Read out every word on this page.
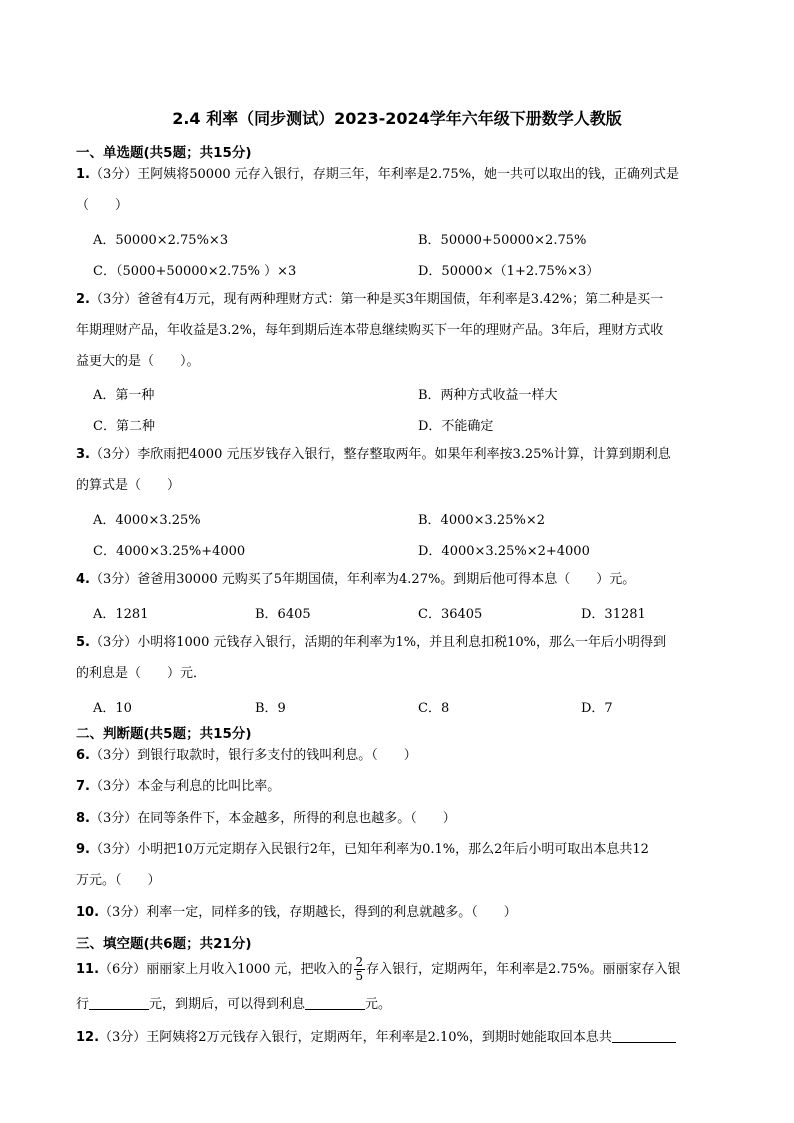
2.4 利率（同步测试）2023-2024学年六年级下册数学人教版
一、单选题(共5题；共15分)
1.（3分）王阿姨将50000 元存入银行，存期三年，年利率是2.75%，她一共可以取出的钱，正确列式是
（　　）
A．50000×2.75%×3	B．50000+50000×2.75%
C．（5000+50000×2.75% ）×3	D．50000×（1+2.75%×3）
2.（3分）爸爸有4万元，现有两种理财方式：第一种是买3年期国债，年利率是3.42%；第二种是买一
年期理财产品，年收益是3.2%，每年到期后连本带息继续购买下一年的理财产品。3年后，理财方式收
益更大的是（　　）。
A．第一种	B．两种方式收益一样大
C．第二种	D．不能确定
3.（3分）李欣雨把4000 元压岁钱存入银行，整存整取两年。如果年利率按3.25%计算，计算到期利息
的算式是（　　）
A．4000×3.25%	B．4000×3.25%×2
C．4000×3.25%+4000	D．4000×3.25%×2+4000
4.（3分）爸爸用30000 元购买了5年期国债，年利率为4.27%。到期后他可得本息（　　）元。
A．1281	B．6405	C．36405	D．31281
5.（3分）小明将1000 元钱存入银行，活期的年利率为1%，并且利息扣税10%，那么一年后小明得到
的利息是（　　）元．
A．10	B．9	C．8	D．7
二、判断题(共5题；共15分)
6.（3分）到银行取款时，银行多支付的钱叫利息。（　　）
7.（3分）本金与利息的比叫比率。
8.（3分）在同等条件下，本金越多，所得的利息也越多。（　　）
9.（3分）小明把10万元定期存入民银行2年，已知年利率为0.1%，那么2年后小明可取出本息共12
万元。（　　）
10.（3分）利率一定，同样多的钱，存期越长，得到的利息就越多。（　　）
三、填空题(共6题；共21分)
11.（6分）丽丽家上月收入1000 元，把收入的 $\frac{2}{5}$ 存入银行，定期两年，年利率是2.75%。丽丽家存入银
行	元，到期后，可以得到利息	元。
12.（3分）王阿姨将2万元钱存入银行，定期两年，年利率是2.10%，到期时她能取回本息共
